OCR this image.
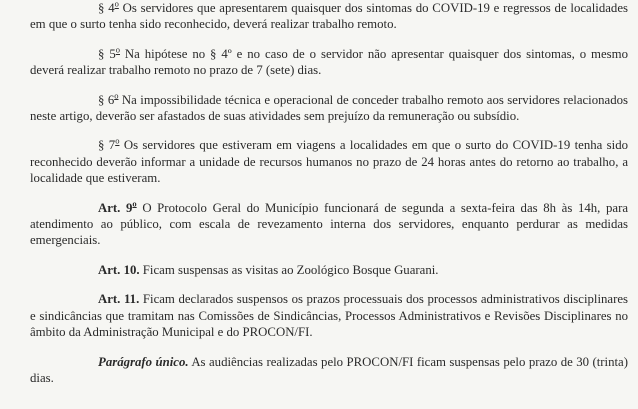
§ 4$^o$ Os servidores que apresentarem quaisquer dos sintomas do COVID-19 e regressos de localidades em que o surto tenha sido reconhecido, deverá realizar trabalho remoto.

§ 5$^o$ Na hipótese no § 4º e no caso de o servidor não apresentar quaisquer dos sintomas, o mesmo deverá realizar trabalho remoto no prazo de 7 (sete) dias.

§ 6$^o$ Na impossibilidade técnica e operacional de conceder trabalho remoto aos servidores relacionados neste artigo, deverão ser afastados de suas atividades sem prejuízo da remuneração ou subsídio.

§ 7$^o$ Os servidores que estiveram em viagens a localidades em que o surto do COVID-19 tenha sido reconhecido deverão informar a unidade de recursos humanos no prazo de 24 horas antes do retorno ao trabalho, a localidade que estiveram.

Art. 9$^o$ O Protocolo Geral do Município funcionará de segunda a sexta-feira das 8h às 14h, para atendimento ao público, com escala de revezamento interna dos servidores, enquanto perdurar as medidas emergenciais.

Art. 10. Ficam suspensas as visitas ao Zoológico Bosque Guarani.

Art. 11. Ficam declarados suspensos os prazos processuais dos processos administrativos disciplinares e sindicâncias que tramitam nas Comissões de Sindicâncias, Processos Administrativos e Revisões Disciplinares no âmbito da Administração Municipal e do PROCON/FI.

Parágrafo único. As audiências realizadas pelo PROCON/FI ficam suspensas pelo prazo de 30 (trinta) dias.
